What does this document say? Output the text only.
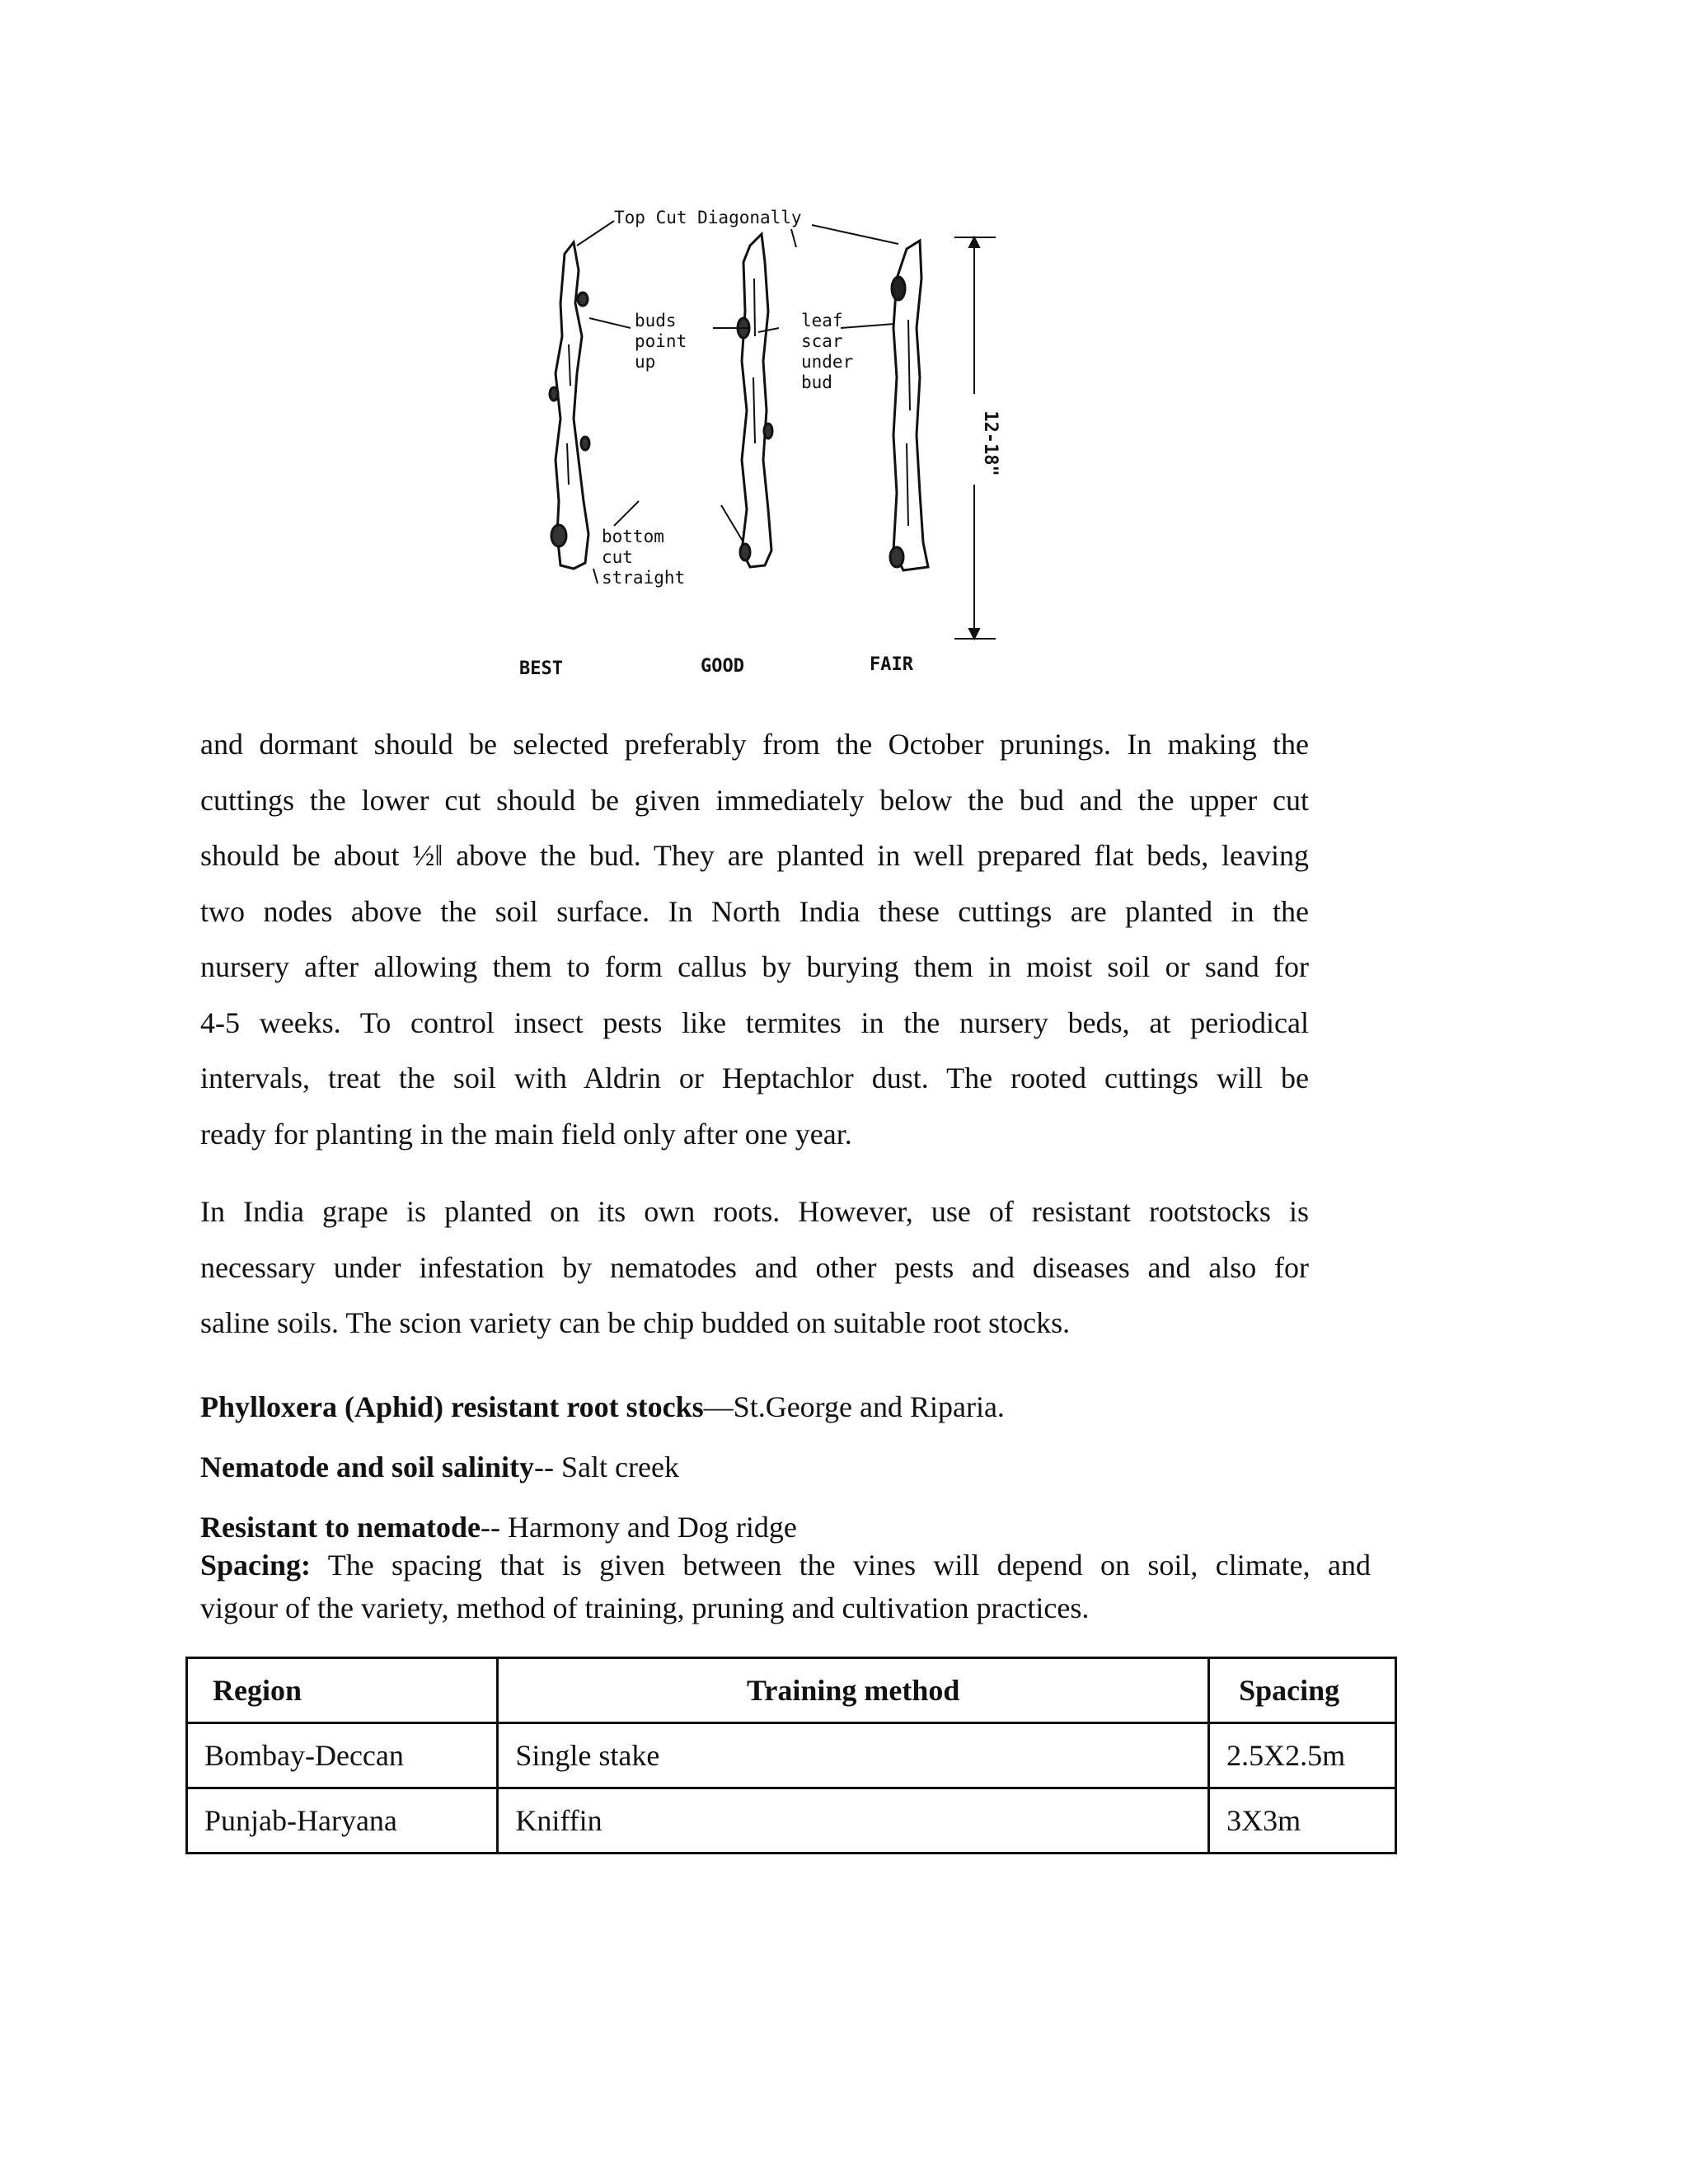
Top Cut Diagonally
buds
point
up
leaf
scar
under
bud
bottom
cut
straight
12-18"
BEST	GOOD	FAIR
and dormant should be selected preferably from the October prunings. In making the
cuttings the lower cut should be given immediately below the bud and the upper cut
should be about ½‖ above the bud. They are planted in well prepared flat beds, leaving
two nodes above the soil surface. In North India these cuttings are planted in the
nursery after allowing them to form callus by burying them in moist soil or sand for
4-5 weeks. To control insect pests like termites in the nursery beds, at periodical
intervals, treat the soil with Aldrin or Heptachlor dust. The rooted cuttings will be
ready for planting in the main field only after one year.
In India grape is planted on its own roots. However, use of resistant rootstocks is
necessary under infestation by nematodes and other pests and diseases and also for
saline soils. The scion variety can be chip budded on suitable root stocks.
Phylloxera (Aphid) resistant root stocks—St.George and Riparia.
Nematode and soil salinity-- Salt creek
Resistant to nematode-- Harmony and Dog ridge
Spacing: The spacing that is given between the vines will depend on soil, climate, and
vigour of the variety, method of training, pruning and cultivation practices.
Region	Training method	Spacing
Bombay-Deccan	Single stake	2.5X2.5m
Punjab-Haryana	Kniffin	3X3m
